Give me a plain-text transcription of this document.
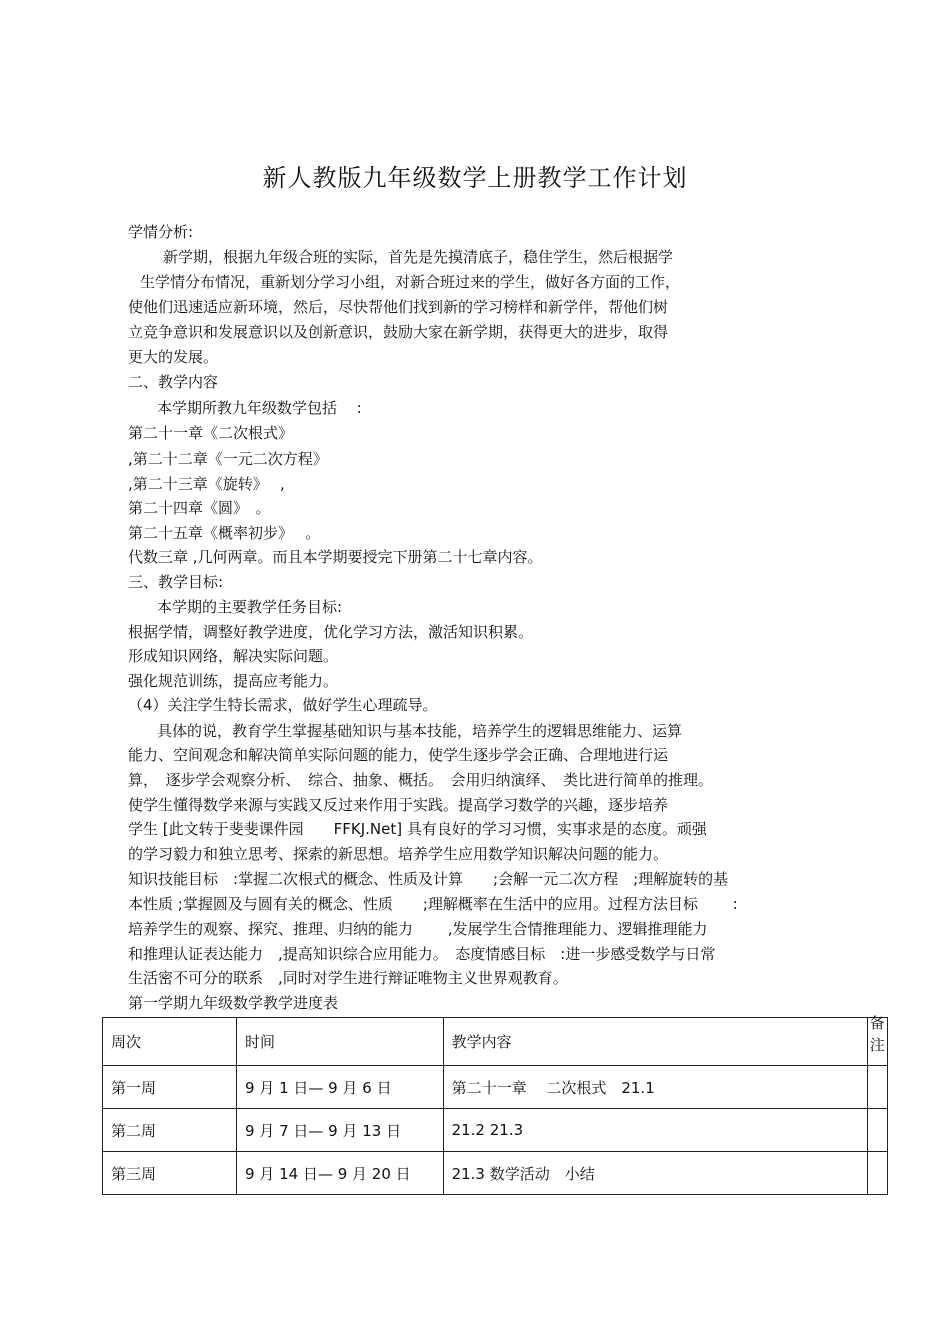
新人教版九年级数学上册教学工作计划
学情分析:
新学期，根据九年级合班的实际，首先是先摸清底子，稳住学生，然后根据学
生学情分布情况，重新划分学习小组，对新合班过来的学生，做好各方面的工作，
使他们迅速适应新环境，然后，尽快帮他们找到新的学习榜样和新学伴，帮他们树
立竞争意识和发展意识以及创新意识，鼓励大家在新学期，获得更大的进步，取得
更大的发展。
二、教学内容
本学期所教九年级数学包括　 :
第二十一章《二次根式》
,第二十二章《一元二次方程》
,第二十三章《旋转》　 ,
第二十四章《圆》　。
第二十五章《概率初步》　 。
代数三章 ,几何两章。而且本学期要授完下册第二十七章内容。
三、教学目标:
本学期的主要教学任务目标:
根据学情，调整好教学进度，优化学习方法，激活知识积累。
形成知识网络，解决实际问题。
强化规范训练，提高应考能力。
（4）关注学生特长需求，做好学生心理疏导。
具体的说，教育学生掌握基础知识与基本技能，培养学生的逻辑思维能力、运算
能力、空间观念和解决简单实际问题的能力，使学生逐步学会正确、合理地进行运
算，　逐步学会观察分析、　综合、抽象、概括。　会用归纳演绎、　类比进行简单的推理。
使学生懂得数学来源与实践又反过来作用于实践。提高学习数学的兴趣，逐步培养
学生 [此文转于斐斐课件园　　FFKJ.Net] 具有良好的学习习惯，实事求是的态度。顽强
的学习毅力和独立思考、探索的新思想。培养学生应用数学知识解决问题的能力。
知识技能目标　:掌握二次根式的概念、性质及计算　　;会解一元二次方程　;理解旋转的基
本性质 ;掌握圆及与圆有关的概念、性质　　;理解概率在生活中的应用。过程方法目标　　 :
培养学生的观察、探究、推理、归纳的能力　　 ,发展学生合情推理能力、逻辑推理能力
和推理认证表达能力　,提高知识综合应用能力。　态度情感目标　:进一步感受数学与日常
生活密不可分的联系　,同时对学生进行辩证唯物主义世界观教育。
第一学期九年级数学教学进度表
周次	时间	教学内容	备注

第一周	9 月 1 日— 9 月 6 日	第二十一章　 二次根式　21.1	
第二周	9 月 7 日— 9 月 13 日	21.2 21.3	
第三周	9 月 14 日— 9 月 20 日	21.3 数学活动　小结	
